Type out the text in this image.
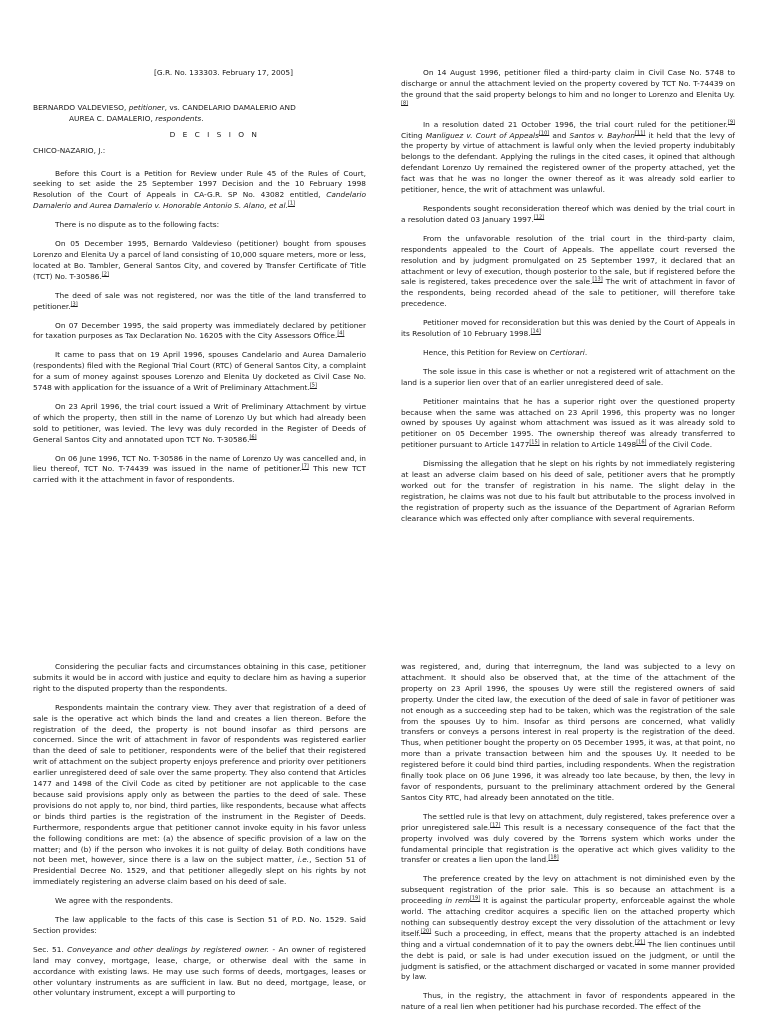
[G.R. No. 133303. February 17, 2005]
BERNARDO VALDEVIESO, petitioner, vs. CANDELARIO DAMALERIO AND
AUREA C. DAMALERIO, respondents.
D E C I S I O N
CHICO-NAZARIO, J.:

Before this Court is a Petition for Review under Rule 45 of the Rules of Court, seeking to set aside the 25 September 1997 Decision and the 10 February 1998 Resolution of the Court of Appeals in CA-G.R. SP No. 43082 entitled, Candelario Damalerio and Aurea Damalerio v. Honorable Antonio S. Alano, et al.[1]

There is no dispute as to the following facts:

On 05 December 1995, Bernardo Valdevieso (petitioner) bought from spouses Lorenzo and Elenita Uy a parcel of land consisting of 10,000 square meters, more or less, located at Bo. Tambler, General Santos City, and covered by Transfer Certificate of Title (TCT) No. T-30586.[2]

The deed of sale was not registered, nor was the title of the land transferred to petitioner.[3]

On 07 December 1995, the said property was immediately declared by petitioner for taxation purposes as Tax Declaration No. 16205 with the City Assessors Office.[4]

It came to pass that on 19 April 1996, spouses Candelario and Aurea Damalerio (respondents) filed with the Regional Trial Court (RTC) of General Santos City, a complaint for a sum of money against spouses Lorenzo and Elenita Uy docketed as Civil Case No. 5748 with application for the issuance of a Writ of Preliminary Attachment.[5]

On 23 April 1996, the trial court issued a Writ of Preliminary Attachment by virtue of which the property, then still in the name of Lorenzo Uy but which had already been sold to petitioner, was levied. The levy was duly recorded in the Register of Deeds of General Santos City and annotated upon TCT No. T-30586.[6]

On 06 June 1996, TCT No. T-30586 in the name of Lorenzo Uy was cancelled and, in lieu thereof, TCT No. T-74439 was issued in the name of petitioner.[7] This new TCT carried with it the attachment in favor of respondents.

On 14 August 1996, petitioner filed a third-party claim in Civil Case No. 5748 to discharge or annul the attachment levied on the property covered by TCT No. T-74439 on the ground that the said property belongs to him and no longer to Lorenzo and Elenita Uy.[8]

In a resolution dated 21 October 1996, the trial court ruled for the petitioner.[9] Citing Manliguez v. Court of Appeals[10] and Santos v. Bayhon[11] it held that the levy of the property by virtue of attachment is lawful only when the levied property indubitably belongs to the defendant. Applying the rulings in the cited cases, it opined that although defendant Lorenzo Uy remained the registered owner of the property attached, yet the fact was that he was no longer the owner thereof as it was already sold earlier to petitioner, hence, the writ of attachment was unlawful.

Respondents sought reconsideration thereof which was denied by the trial court in a resolution dated 03 January 1997.[12]

From the unfavorable resolution of the trial court in the third-party claim, respondents appealed to the Court of Appeals. The appellate court reversed the resolution and by judgment promulgated on 25 September 1997, it declared that an attachment or levy of execution, though posterior to the sale, but if registered before the sale is registered, takes precedence over the sale.[13] The writ of attachment in favor of the respondents, being recorded ahead of the sale to petitioner, will therefore take precedence.

Petitioner moved for reconsideration but this was denied by the Court of Appeals in its Resolution of 10 February 1998.[14]

Hence, this Petition for Review on Certiorari.

The sole issue in this case is whether or not a registered writ of attachment on the land is a superior lien over that of an earlier unregistered deed of sale.

Petitioner maintains that he has a superior right over the questioned property because when the same was attached on 23 April 1996, this property was no longer owned by spouses Uy against whom attachment was issued as it was already sold to petitioner on 05 December 1995. The ownership thereof was already transferred to petitioner pursuant to Article 1477[15] in relation to Article 1498[16] of the Civil Code.

Dismissing the allegation that he slept on his rights by not immediately registering at least an adverse claim based on his deed of sale, petitioner avers that he promptly worked out for the transfer of registration in his name. The slight delay in the registration, he claims was not due to his fault but attributable to the process involved in the registration of property such as the issuance of the Department of Agrarian Reform clearance which was effected only after compliance with several requirements.

Considering the peculiar facts and circumstances obtaining in this case, petitioner submits it would be in accord with justice and equity to declare him as having a superior right to the disputed property than the respondents.

Respondents maintain the contrary view. They aver that registration of a deed of sale is the operative act which binds the land and creates a lien thereon. Before the registration of the deed, the property is not bound insofar as third persons are concerned. Since the writ of attachment in favor of respondents was registered earlier than the deed of sale to petitioner, respondents were of the belief that their registered writ of attachment on the subject property enjoys preference and priority over petitioners earlier unregistered deed of sale over the same property. They also contend that Articles 1477 and 1498 of the Civil Code as cited by petitioner are not applicable to the case because said provisions apply only as between the parties to the deed of sale. These provisions do not apply to, nor bind, third parties, like respondents, because what affects or binds third parties is the registration of the instrument in the Register of Deeds. Furthermore, respondents argue that petitioner cannot invoke equity in his favor unless the following conditions are met: (a) the absence of specific provision of a law on the matter; and (b) if the person who invokes it is not guilty of delay. Both conditions have not been met, however, since there is a law on the subject matter, i.e., Section 51 of Presidential Decree No. 1529, and that petitioner allegedly slept on his rights by not immediately registering an adverse claim based on his deed of sale.

We agree with the respondents.

The law applicable to the facts of this case is Section 51 of P.D. No. 1529. Said Section provides:

Sec. 51. Conveyance and other dealings by registered owner. - An owner of registered land may convey, mortgage, lease, charge, or otherwise deal with the same in accordance with existing laws. He may use such forms of deeds, mortgages, leases or other voluntary instruments as are sufficient in law. But no deed, mortgage, lease, or other voluntary instrument, except a will purporting to

was registered, and, during that interregnum, the land was subjected to a levy on attachment. It should also be observed that, at the time of the attachment of the property on 23 April 1996, the spouses Uy were still the registered owners of said property. Under the cited law, the execution of the deed of sale in favor of petitioner was not enough as a succeeding step had to be taken, which was the registration of the sale from the spouses Uy to him. Insofar as third persons are concerned, what validly transfers or conveys a persons interest in real property is the registration of the deed. Thus, when petitioner bought the property on 05 December 1995, it was, at that point, no more than a private transaction between him and the spouses Uy. It needed to be registered before it could bind third parties, including respondents. When the registration finally took place on 06 June 1996, it was already too late because, by then, the levy in favor of respondents, pursuant to the preliminary attachment ordered by the General Santos City RTC, had already been annotated on the title.

The settled rule is that levy on attachment, duly registered, takes preference over a prior unregistered sale.[17] This result is a necessary consequence of the fact that the property involved was duly covered by the Torrens system which works under the fundamental principle that registration is the operative act which gives validity to the transfer or creates a lien upon the land.[18]

The preference created by the levy on attachment is not diminished even by the subsequent registration of the prior sale. This is so because an attachment is a proceeding in rem[19] It is against the particular property, enforceable against the whole world. The attaching creditor acquires a specific lien on the attached property which nothing can subsequently destroy except the very dissolution of the attachment or levy itself.[20] Such a proceeding, in effect, means that the property attached is an indebted thing and a virtual condemnation of it to pay the owners debt.[21] The lien continues until the debt is paid, or sale is had under execution issued on the judgment, or until the judgment is satisfied, or the attachment discharged or vacated in some manner provided by law.

Thus, in the registry, the attachment in favor of respondents appeared in the nature of a real lien when petitioner had his purchase recorded. The effect of the
